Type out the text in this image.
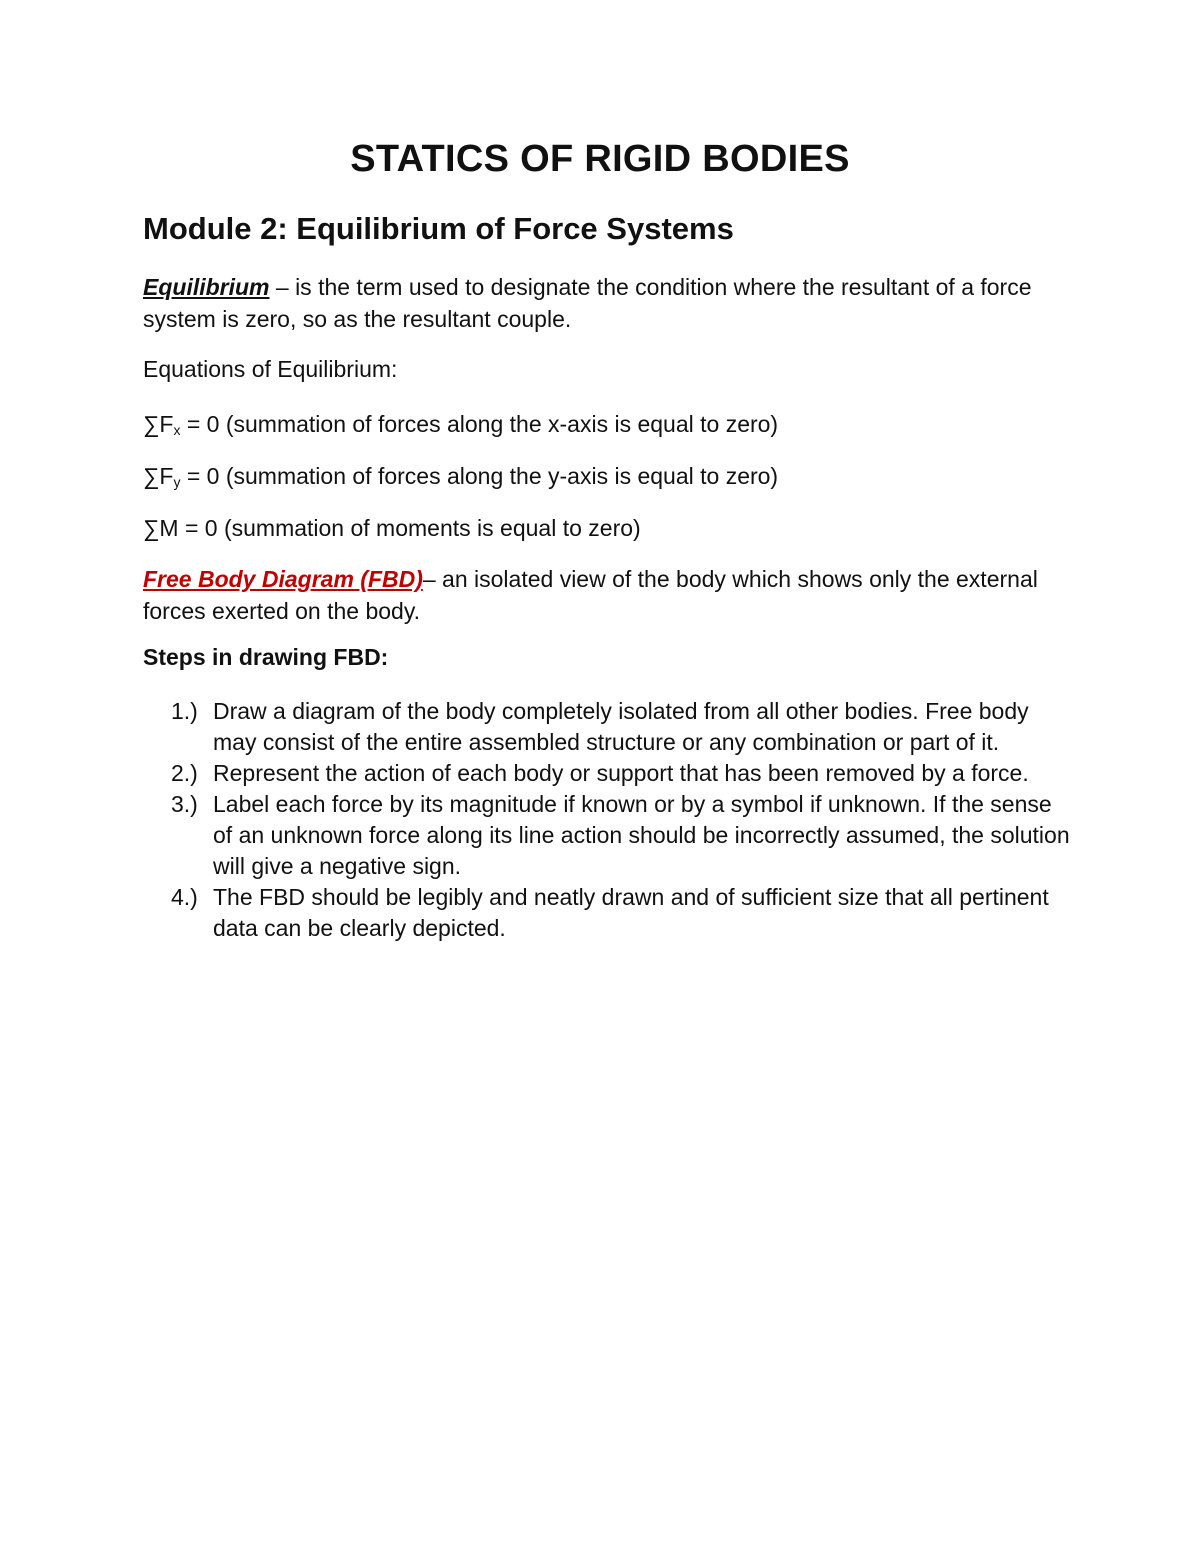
STATICS OF RIGID BODIES
Module 2: Equilibrium of Force Systems

Equilibrium – is the term used to designate the condition where the resultant of a force system is zero, so as the resultant couple.

Equations of Equilibrium:

$\sum F_x = 0$ (summation of forces along the x-axis is equal to zero)

$\sum F_y = 0$ (summation of forces along the y-axis is equal to zero)

∑M = 0 (summation of moments is equal to zero)

Free Body Diagram (FBD)– an isolated view of the body which shows only the external forces exerted on the body.

Steps in drawing FBD:

1.) Draw a diagram of the body completely isolated from all other bodies. Free body may consist of the entire assembled structure or any combination or part of it.
2.) Represent the action of each body or support that has been removed by a force.
3.) Label each force by its magnitude if known or by a symbol if unknown. If the sense of an unknown force along its line action should be incorrectly assumed, the solution will give a negative sign.
4.) The FBD should be legibly and neatly drawn and of sufficient size that all pertinent data can be clearly depicted.
